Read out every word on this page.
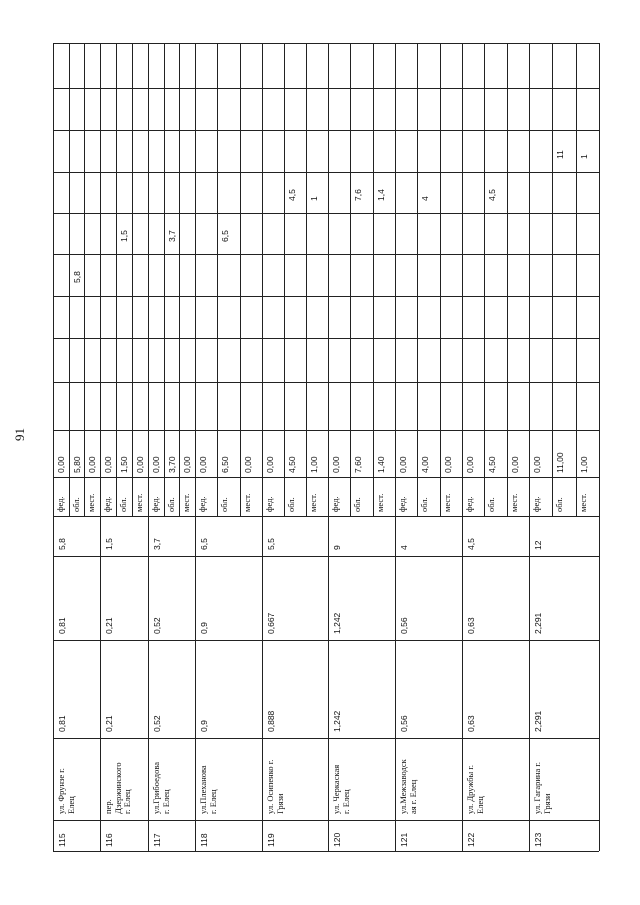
91
115
ул. Фрунзе г.
Елец
0,81
0,81
5,8
фед.
0,00
обл.
5,80
мест.
0,00
5,8
116
пер.
Дзержинского
г. Елец
0,21
0,21
1,5
фед.
0,00
обл.
1,50
мест.
0,00
1,5
117
ул.Грибоедова
г. Елец
0,52
0,52
3,7
фед.
0,00
обл.
3,70
мест.
0,00
3,7
118
ул.Плеханова
г. Елец
0,9
0,9
6,5
фед.
0,00
обл.
6,50
мест.
0,00
6,5
119
ул. Осипенко г.
Грязи
0,888
0,667
5,5
фед.
0,00
обл.
4,50
мест.
1,00
4,5 1
120
ул. Черкаская
г. Елец
1,242
1,242
9
фед.
0,00
обл.
7,60
мест.
1,40
7,6 1,4
121
ул.Межзаводск
ая г. Елец
0,56
0,56
4
фед.
0,00
обл.
4,00
мест.
0,00
4
122
ул. Дружбы г.
Елец
0,63
0,63
4,5
фед.
0,00
обл.
4,50
мест.
0,00
4,5
123
ул. Гагарина г.
Грязи
2,291
2,291
12
фед.
0,00
обл.
11,00
мест.
1,00
11 1
